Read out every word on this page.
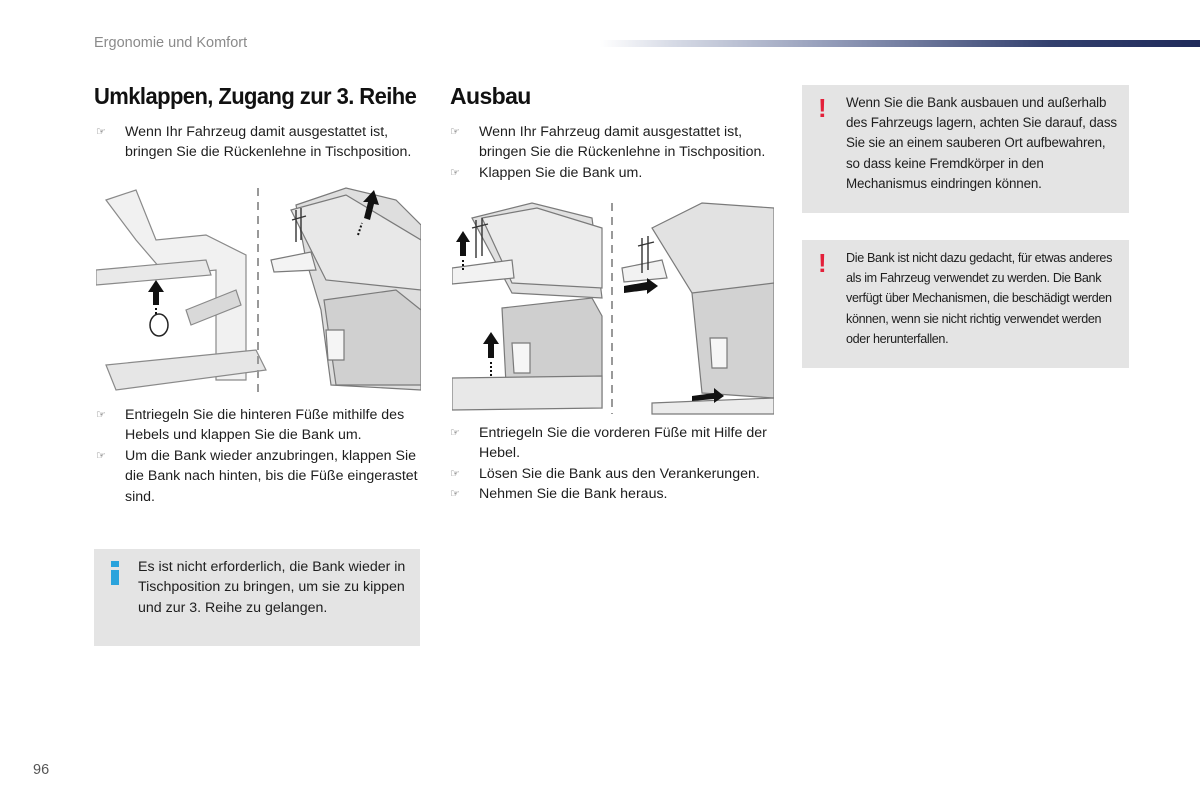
Ergonomie und Komfort
Umklappen, Zugang zur 3. Reihe
☞	Wenn Ihr Fahrzeug damit ausgestattet ist, bringen Sie die Rückenlehne in Tischposition.
☞	Entriegeln Sie die hinteren Füße mithilfe des Hebels und klappen Sie die Bank um.
☞	Um die Bank wieder anzubringen, klappen Sie die Bank nach hinten, bis die Füße eingerastet sind.
Es ist nicht erforderlich, die Bank wieder in Tischposition zu bringen, um sie zu kippen und zur 3. Reihe zu gelangen.
Ausbau
☞	Wenn Ihr Fahrzeug damit ausgestattet ist, bringen Sie die Rückenlehne in Tischposition.
☞	Klappen Sie die Bank um.
☞	Entriegeln Sie die vorderen Füße mit Hilfe der Hebel.
☞	Lösen Sie die Bank aus den Verankerungen.
☞	Nehmen Sie die Bank heraus.
! Wenn Sie die Bank ausbauen und außerhalb des Fahrzeugs lagern, achten Sie darauf, dass Sie sie an einem sauberen Ort aufbewahren, so dass keine Fremdkörper in den Mechanismus eindringen können.
! Die Bank ist nicht dazu gedacht, für etwas anderes als im Fahrzeug verwendet zu werden. Die Bank verfügt über Mechanismen, die beschädigt werden können, wenn sie nicht richtig verwendet werden oder herunterfallen.
96
